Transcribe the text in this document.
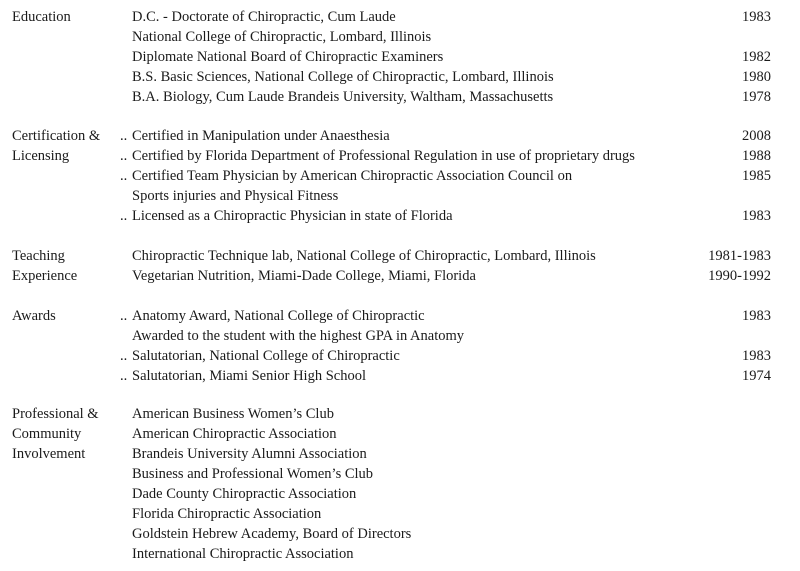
Education	D.C. - Doctorate of Chiropractic, Cum Laude	1983
National College of Chiropractic, Lombard, Illinois
Diplomate National Board of Chiropractic Examiners	1982
B.S. Basic Sciences, National College of Chiropractic, Lombard, Illinois	1980
B.A. Biology, Cum Laude Brandeis University, Waltham, Massachusetts	1978
Certification &
Licensing
.. Certified in Manipulation under Anaesthesia	2008
.. Certified by Florida Department of Professional Regulation in use of proprietary drugs	1988
.. Certified Team Physician by American Chiropractic Association Council on	1985
Sports injuries and Physical Fitness
.. Licensed as a Chiropractic Physician in state of Florida	1983
Teaching
Experience
Chiropractic Technique lab, National College of Chiropractic, Lombard, Illinois	1981-1983
Vegetarian Nutrition, Miami-Dade College, Miami, Florida	1990-1992
Awards	.. Anatomy Award, National College of Chiropractic	1983
Awarded to the student with the highest GPA in Anatomy
.. Salutatorian, National College of Chiropractic	1983
.. Salutatorian, Miami Senior High School	1974
Professional &
Community
Involvement
American Business Women’s Club
American Chiropractic Association
Brandeis University Alumni Association
Business and Professional Women’s Club
Dade County Chiropractic Association
Florida Chiropractic Association
Goldstein Hebrew Academy, Board of Directors
International Chiropractic Association
